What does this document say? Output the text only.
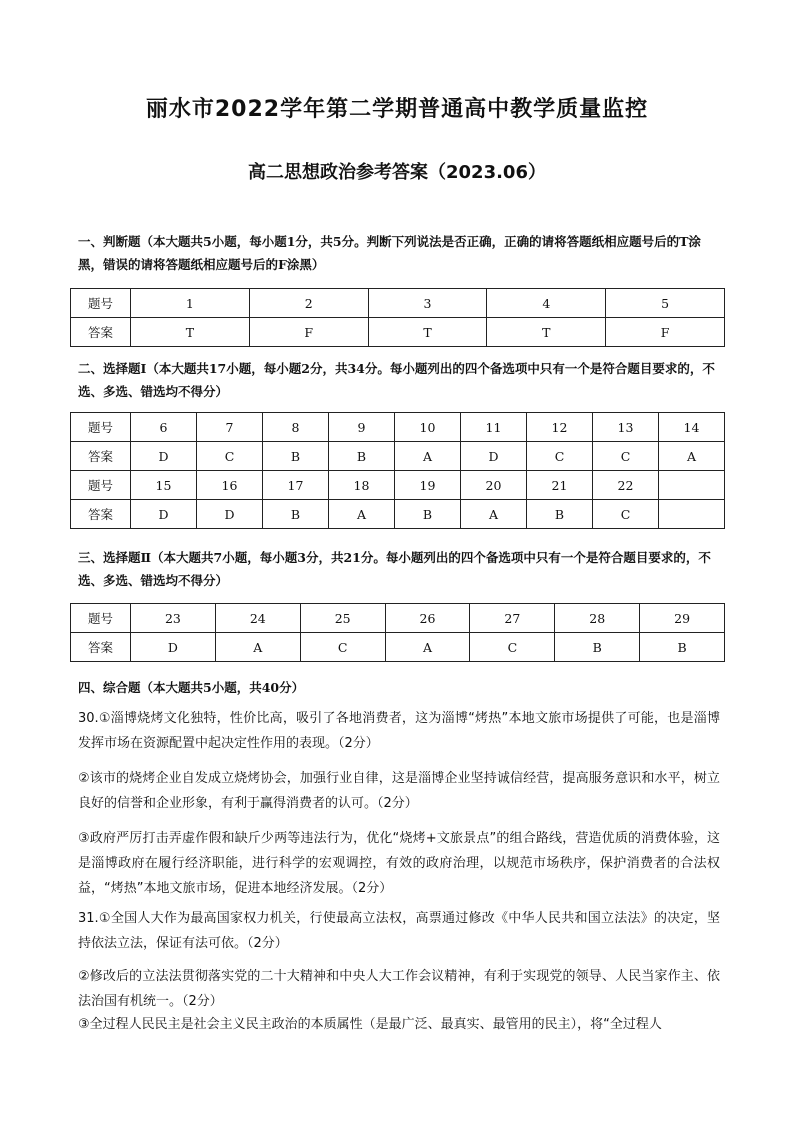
丽水市2022学年第二学期普通高中教学质量监控
高二思想政治参考答案（2023.06）
一、判断题（本大题共5小题，每小题1分，共5分。判断下列说法是否正确，正确的请将答题纸相应题号后的T涂黑，错误的请将答题纸相应题号后的F涂黑）
题号	1	2	3	4	5
答案	T	F	T	T	F
二、选择题Ⅰ（本大题共17小题，每小题2分，共34分。每小题列出的四个备选项中只有一个是符合题目要求的，不选、多选、错选均不得分）
题号	6	7	8	9	10	11	12	13	14
答案	D	C	B	B	A	D	C	C	A
题号	15	16	17	18	19	20	21	22	
答案	D	D	B	A	B	A	B	C	
三、选择题Ⅱ（本大题共7小题，每小题3分，共21分。每小题列出的四个备选项中只有一个是符合题目要求的，不选、多选、错选均不得分）
题号	23	24	25	26	27	28	29
答案	D	A	C	A	C	B	B
四、综合题（本大题共5小题，共40分）

30.①淄博烧烤文化独特，性价比高，吸引了各地消费者，这为淄博“烤热”本地文旅市场提供了可能，也是淄博发挥市场在资源配置中起决定性作用的表现。（2分）

②该市的烧烤企业自发成立烧烤协会，加强行业自律，这是淄博企业坚持诚信经营，提高服务意识和水平，树立良好的信誉和企业形象，有利于赢得消费者的认可。（2分）

③政府严厉打击弄虚作假和缺斤少两等违法行为，优化“烧烤+文旅景点”的组合路线，营造优质的消费体验，这是淄博政府在履行经济职能，进行科学的宏观调控，有效的政府治理，以规范市场秩序，保护消费者的合法权益，“烤热”本地文旅市场，促进本地经济发展。（2分）

31.①全国人大作为最高国家权力机关，行使最高立法权，高票通过修改《中华人民共和国立法法》的决定，坚持依法立法，保证有法可依。（2分）

②修改后的立法法贯彻落实党的二十大精神和中央人大工作会议精神，有利于实现党的领导、人民当家作主、依法治国有机统一。（2分）

③全过程人民民主是社会主义民主政治的本质属性（是最广泛、最真实、最管用的民主），将“全过程人
